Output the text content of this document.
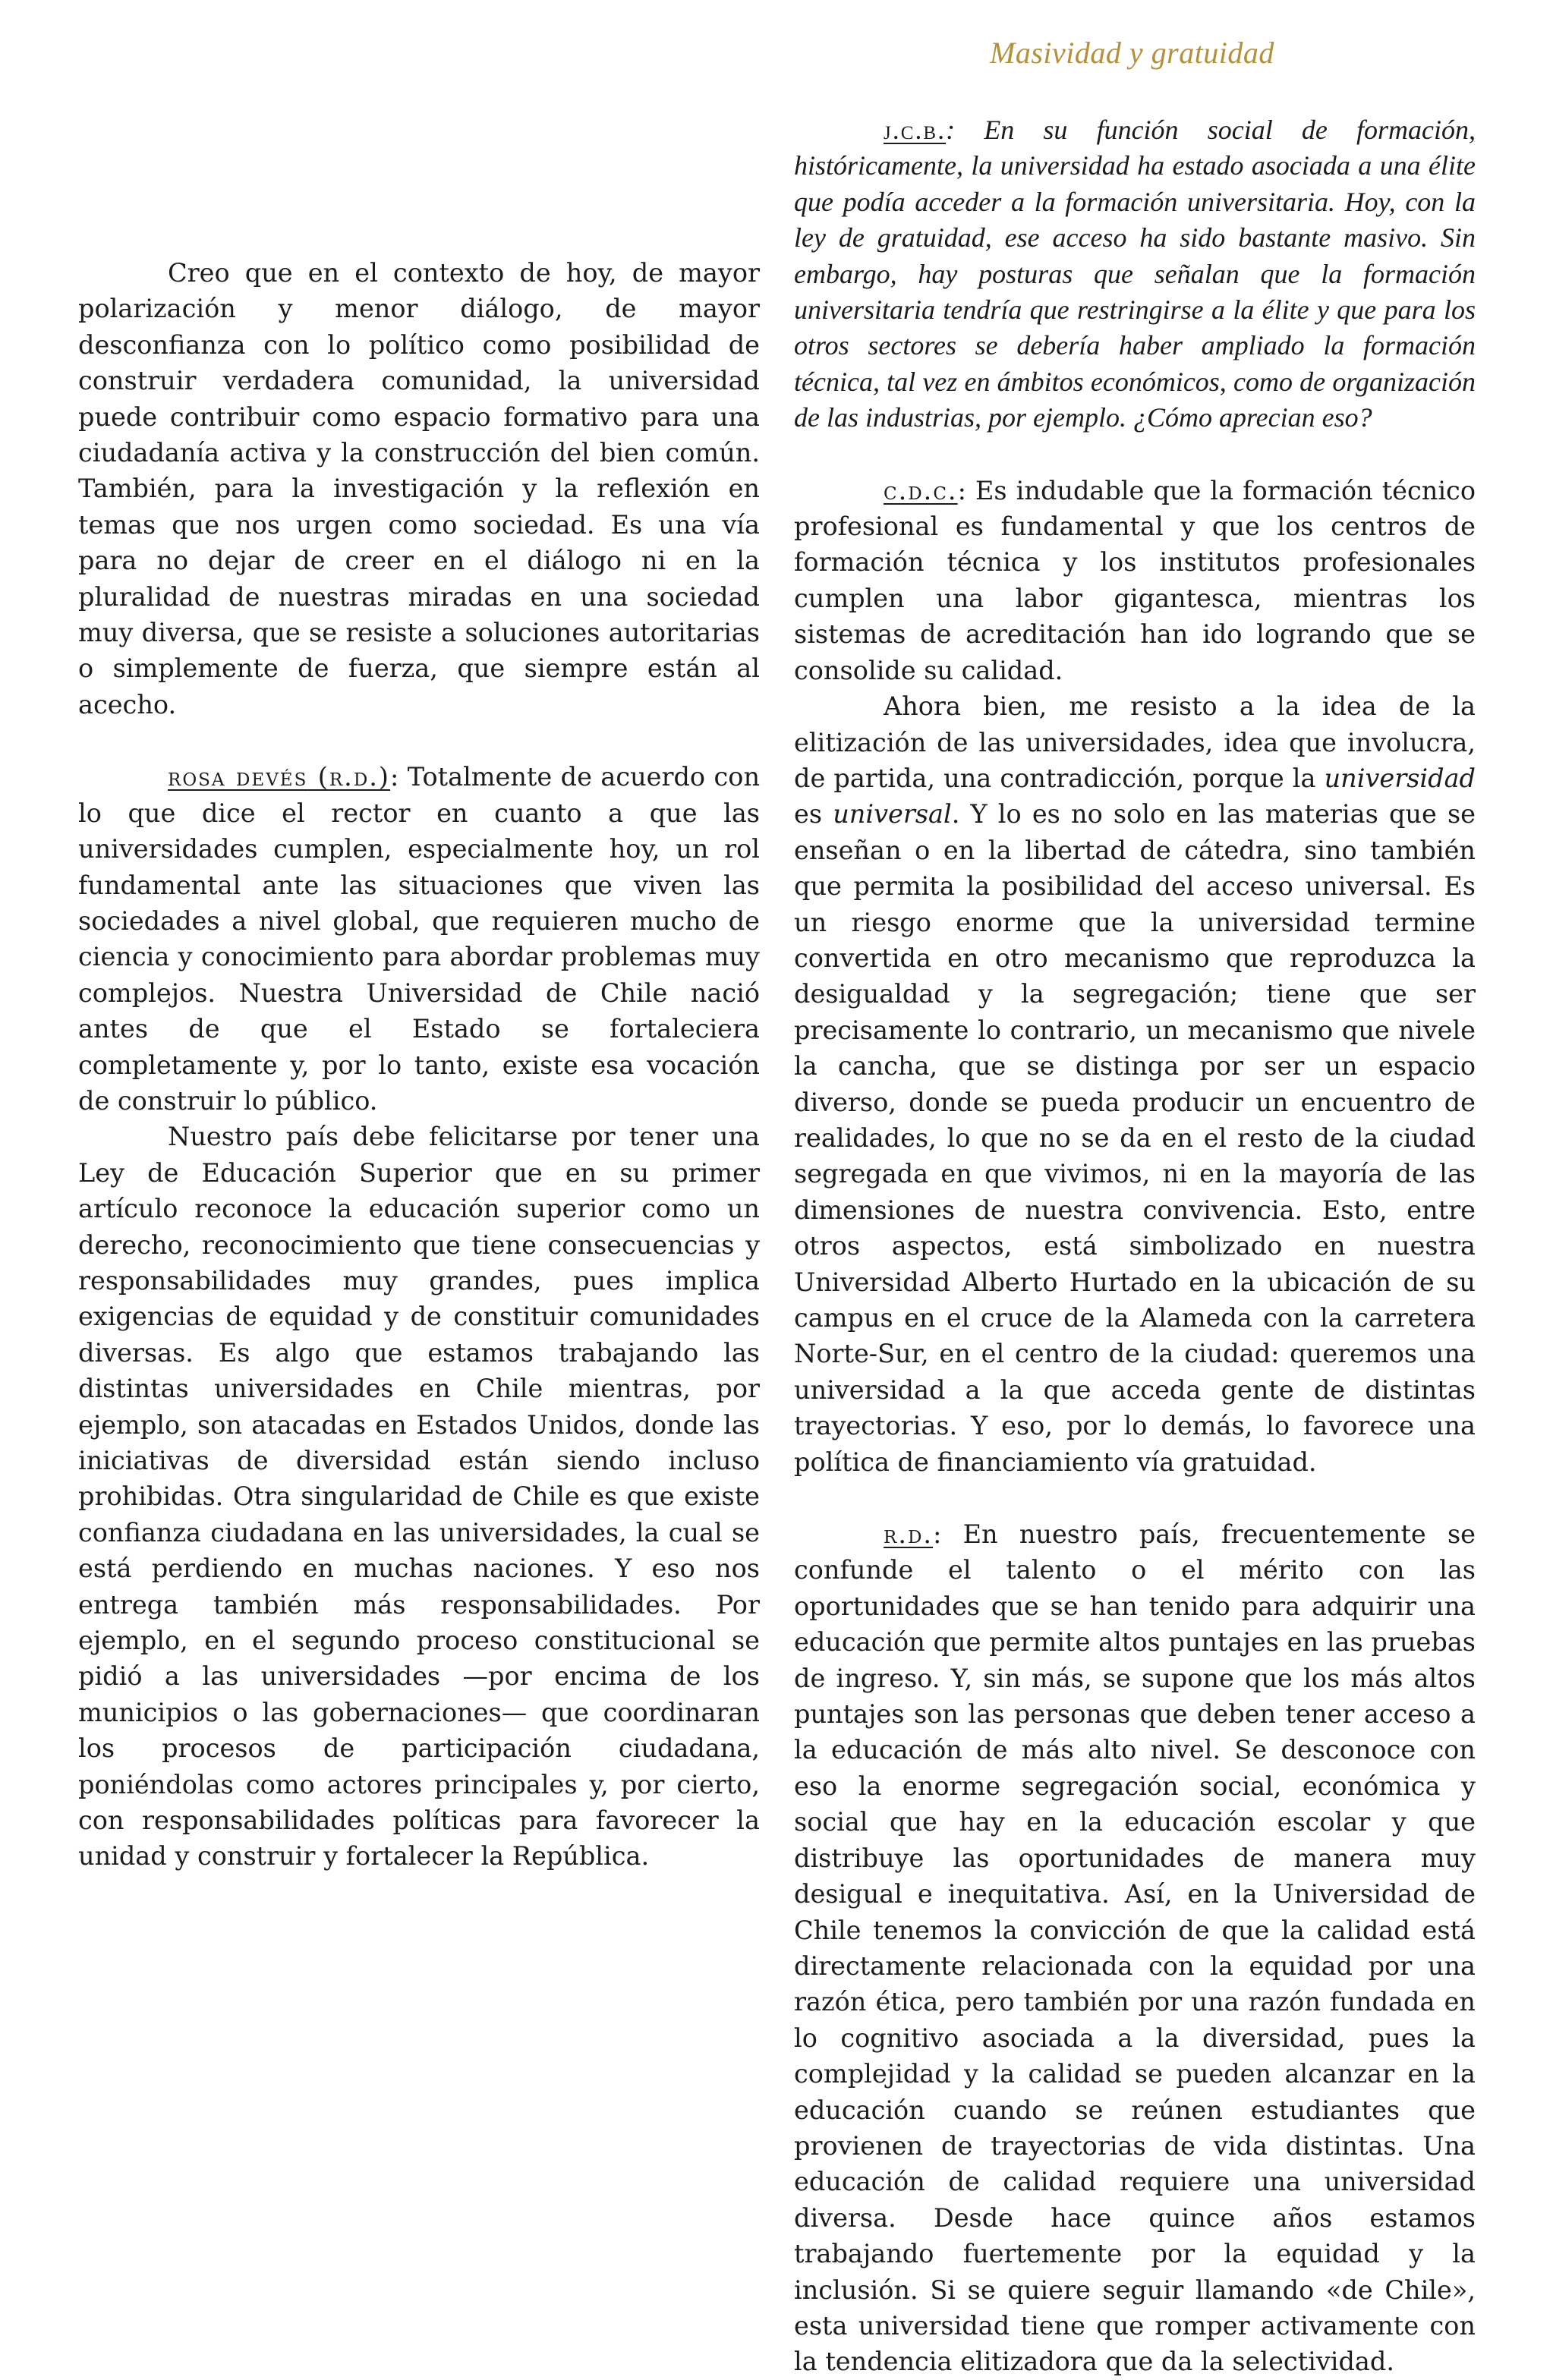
Masividad y gratuidad

Creo que en el contexto de hoy, de mayor polarización y menor diálogo, de mayor desconfianza con lo político como posibilidad de construir verdadera comunidad, la universidad puede contribuir como espacio formativo para una ciudadanía activa y la construcción del bien común. También, para la investigación y la reflexión en temas que nos urgen como sociedad. Es una vía para no dejar de creer en el diálogo ni en la pluralidad de nuestras miradas en una sociedad muy diversa, que se resiste a soluciones autoritarias o simplemente de fuerza, que siempre están al acecho.

rosa devés (r.d.): Totalmente de acuerdo con lo que dice el rector en cuanto a que las universidades cumplen, especialmente hoy, un rol fundamental ante las situaciones que viven las sociedades a nivel global, que requieren mucho de ciencia y conocimiento para abordar problemas muy complejos. Nuestra Universidad de Chile nació antes de que el Estado se fortaleciera completamente y, por lo tanto, existe esa vocación de construir lo público.

Nuestro país debe felicitarse por tener una Ley de Educación Superior que en su primer artículo reconoce la educación superior como un derecho, reconocimiento que tiene consecuencias y responsabilidades muy grandes, pues implica exigencias de equidad y de constituir comunidades diversas. Es algo que estamos trabajando las distintas universidades en Chile mientras, por ejemplo, son atacadas en Estados Unidos, donde las iniciativas de diversidad están siendo incluso prohibidas. Otra singularidad de Chile es que existe confianza ciudadana en las universidades, la cual se está perdiendo en muchas naciones. Y eso nos entrega también más responsabilidades. Por ejemplo, en el segundo proceso constitucional se pidió a las universidades —por encima de los municipios o las gobernaciones— que coordinaran los procesos de participación ciudadana, poniéndolas como actores principales y, por cierto, con responsabilidades políticas para favorecer la unidad y construir y fortalecer la República.

j.c.b.: En su función social de formación, históricamente, la universidad ha estado asociada a una élite que podía acceder a la formación universitaria. Hoy, con la ley de gratuidad, ese acceso ha sido bastante masivo. Sin embargo, hay posturas que señalan que la formación universitaria tendría que restringirse a la élite y que para los otros sectores se debería haber ampliado la formación técnica, tal vez en ámbitos económicos, como de organización de las industrias, por ejemplo. ¿Cómo aprecian eso?

c.d.c.: Es indudable que la formación técnico profesional es fundamental y que los centros de formación técnica y los institutos profesionales cumplen una labor gigantesca, mientras los sistemas de acreditación han ido logrando que se consolide su calidad.

Ahora bien, me resisto a la idea de la elitización de las universidades, idea que involucra, de partida, una contradicción, porque la universidad es universal. Y lo es no solo en las materias que se enseñan o en la libertad de cátedra, sino también que permita la posibilidad del acceso universal. Es un riesgo enorme que la universidad termine convertida en otro mecanismo que reproduzca la desigualdad y la segregación; tiene que ser precisamente lo contrario, un mecanismo que nivele la cancha, que se distinga por ser un espacio diverso, donde se pueda producir un encuentro de realidades, lo que no se da en el resto de la ciudad segregada en que vivimos, ni en la mayoría de las dimensiones de nuestra convivencia. Esto, entre otros aspectos, está simbolizado en nuestra Universidad Alberto Hurtado en la ubicación de su campus en el cruce de la Alameda con la carretera Norte-Sur, en el centro de la ciudad: queremos una universidad a la que acceda gente de distintas trayectorias. Y eso, por lo demás, lo favorece una política de financiamiento vía gratuidad.

r.d.: En nuestro país, frecuentemente se confunde el talento o el mérito con las oportunidades que se han tenido para adquirir una educación que permite altos puntajes en las pruebas de ingreso. Y, sin más, se supone que los más altos puntajes son las personas que deben tener acceso a la educación de más alto nivel. Se desconoce con eso la enorme segregación social, económica y social que hay en la educación escolar y que distribuye las oportunidades de manera muy desigual e inequitativa. Así, en la Universidad de Chile tenemos la convicción de que la calidad está directamente relacionada con la equidad por una razón ética, pero también por una razón fundada en lo cognitivo asociada a la diversidad, pues la complejidad y la calidad se pueden alcanzar en la educación cuando se reúnen estudiantes que provienen de trayectorias de vida distintas. Una educación de calidad requiere una universidad diversa. Desde hace quince años estamos trabajando fuertemente por la equidad y la inclusión. Si se quiere seguir llamando «de Chile», esta universidad tiene que romper activamente con la tendencia elitizadora que da la selectividad.
